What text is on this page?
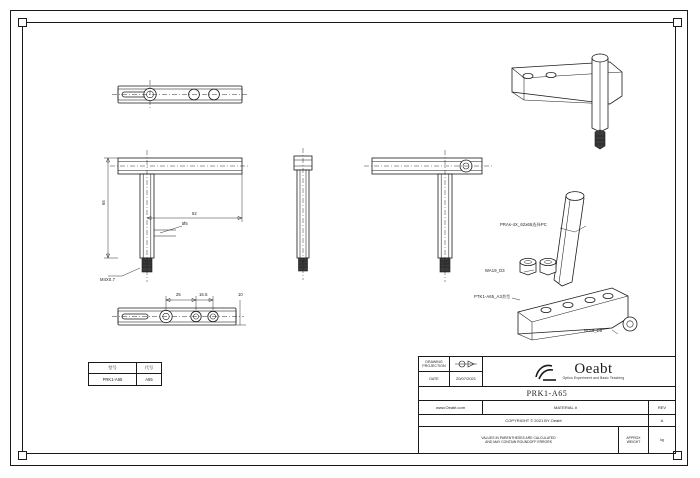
65
52
Ø5
M4X0.7
25	16.5	10
PRAs-4X_62x65选择PC
WA19_D3
PTK1-A65_A3类型
NOut_D8
型号	代号
PRK1-A65	A65
DRAWING PROJECTION
DATE	20/07/2021
Oeabt
Optics Experiment and Basic Teaching
PRK1-A65
www.Oeabt.com	MATERIAL #	REV
COPYRIGHT © 2021 BY Oeabt	A
VALUES IN PARENTHESES ARE CALCULATED
AND MAY CONTAIN ROUNDOFF ERRORS
APPROX
WEIGHT
kg
